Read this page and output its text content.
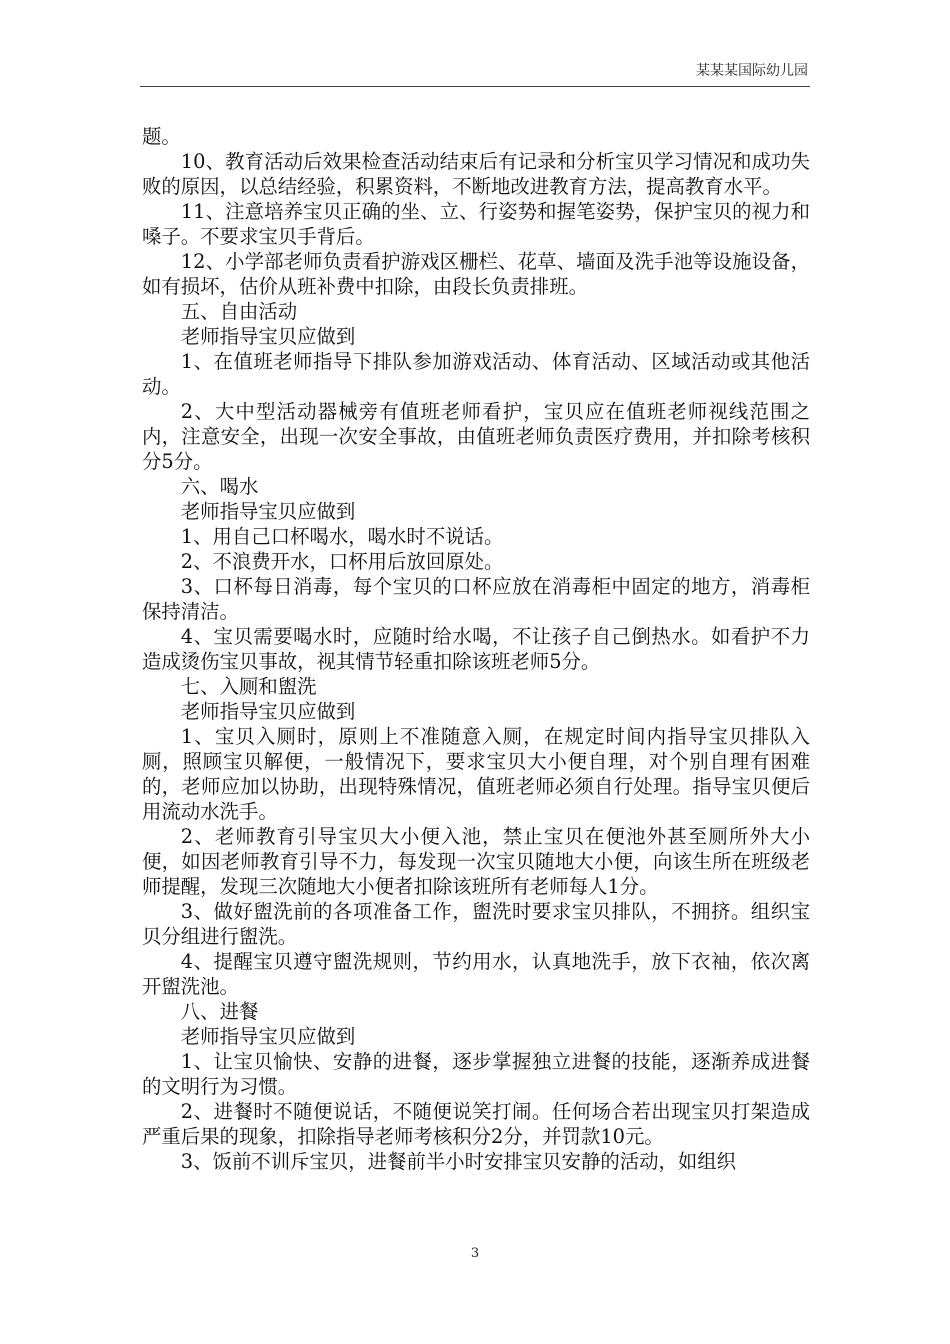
某某某国际幼儿园

题。

10、教育活动后效果检查活动结束后有记录和分析宝贝学习情况和成功失败的原因，以总结经验，积累资料，不断地改进教育方法，提高教育水平。

11、注意培养宝贝正确的坐、立、行姿势和握笔姿势，保护宝贝的视力和嗓子。不要求宝贝手背后。

12、小学部老师负责看护游戏区栅栏、花草、墙面及洗手池等设施设备，如有损坏，估价从班补费中扣除，由段长负责排班。

五、自由活动

老师指导宝贝应做到

1、在值班老师指导下排队参加游戏活动、体育活动、区域活动或其他活动。

2、大中型活动器械旁有值班老师看护，宝贝应在值班老师视线范围之内，注意安全，出现一次安全事故，由值班老师负责医疗费用，并扣除考核积分5分。

六、喝水

老师指导宝贝应做到

1、用自己口杯喝水，喝水时不说话。

2、不浪费开水，口杯用后放回原处。

3、口杯每日消毒，每个宝贝的口杯应放在消毒柜中固定的地方，消毒柜保持清洁。

4、宝贝需要喝水时，应随时给水喝，不让孩子自己倒热水。如看护不力造成烫伤宝贝事故，视其情节轻重扣除该班老师5分。

七、入厕和盥洗

老师指导宝贝应做到

1、宝贝入厕时，原则上不准随意入厕，在规定时间内指导宝贝排队入厕，照顾宝贝解便，一般情况下，要求宝贝大小便自理，对个别自理有困难的，老师应加以协助，出现特殊情况，值班老师必须自行处理。指导宝贝便后用流动水洗手。

2、老师教育引导宝贝大小便入池，禁止宝贝在便池外甚至厕所外大小便，如因老师教育引导不力，每发现一次宝贝随地大小便，向该生所在班级老师提醒，发现三次随地大小便者扣除该班所有老师每人1分。

3、做好盥洗前的各项准备工作，盥洗时要求宝贝排队，不拥挤。组织宝贝分组进行盥洗。

4、提醒宝贝遵守盥洗规则，节约用水，认真地洗手，放下衣袖，依次离开盥洗池。

八、进餐

老师指导宝贝应做到

1、让宝贝愉快、安静的进餐，逐步掌握独立进餐的技能，逐渐养成进餐的文明行为习惯。

2、进餐时不随便说话，不随便说笑打闹。任何场合若出现宝贝打架造成严重后果的现象，扣除指导老师考核积分2分，并罚款10元。

3、饭前不训斥宝贝，进餐前半小时安排宝贝安静的活动，如组织

3
